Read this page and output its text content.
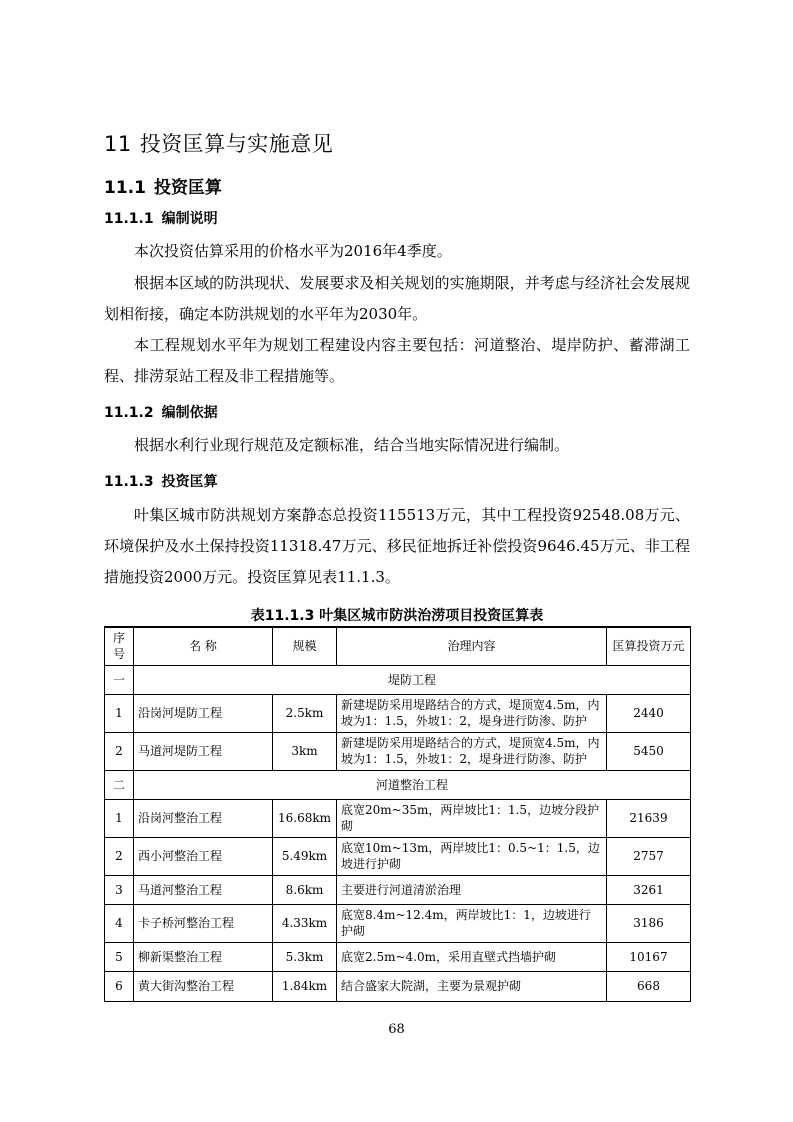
11 投资匡算与实施意见
11.1 投资匡算
11.1.1 编制说明

本次投资估算采用的价格水平为2016年4季度。

根据本区域的防洪现状、发展要求及相关规划的实施期限，并考虑与经济社会发展规划相衔接，确定本防洪规划的水平年为2030年。

本工程规划水平年为规划工程建设内容主要包括：河道整治、堤岸防护、蓄滞湖工程、排涝泵站工程及非工程措施等。

11.1.2 编制依据

根据水利行业现行规范及定额标准，结合当地实际情况进行编制。

11.1.3 投资匡算

叶集区城市防洪规划方案静态总投资115513万元，其中工程投资92548.08万元、环境保护及水土保持投资11318.47万元、移民征地拆迁补偿投资9646.45万元、非工程措施投资2000万元。投资匡算见表11.1.3。

表11.1.3 叶集区城市防洪治涝项目投资匡算表

序号	名 称	规模	治理内容	匡算投资万元
一	堤防工程			
1	沿岗河堤防工程	2.5km	新建堤防采用堤路结合的方式，堤顶宽4.5m，内坡为1：1.5，外坡1：2，堤身进行防渗、防护	2440
2	马道河堤防工程	3km	新建堤防采用堤路结合的方式，堤顶宽4.5m，内坡为1：1.5，外坡1：2，堤身进行防渗、防护	5450
二	河道整治工程			
1	沿岗河整治工程	16.68km	底宽20m~35m，两岸坡比1：1.5，边坡分段护砌	21639
2	西小河整治工程	5.49km	底宽10m~13m，两岸坡比1：0.5~1：1.5，边坡进行护砌	2757
3	马道河整治工程	8.6km	主要进行河道清淤治理	3261
4	卡子桥河整治工程	4.33km	底宽8.4m~12.4m，两岸坡比1：1，边坡进行护砌	3186
5	柳新渠整治工程	5.3km	底宽2.5m~4.0m，采用直壁式挡墙护砌	10167
6	黄大街沟整治工程	1.84km	结合盛家大院湖，主要为景观护砌	668

68
